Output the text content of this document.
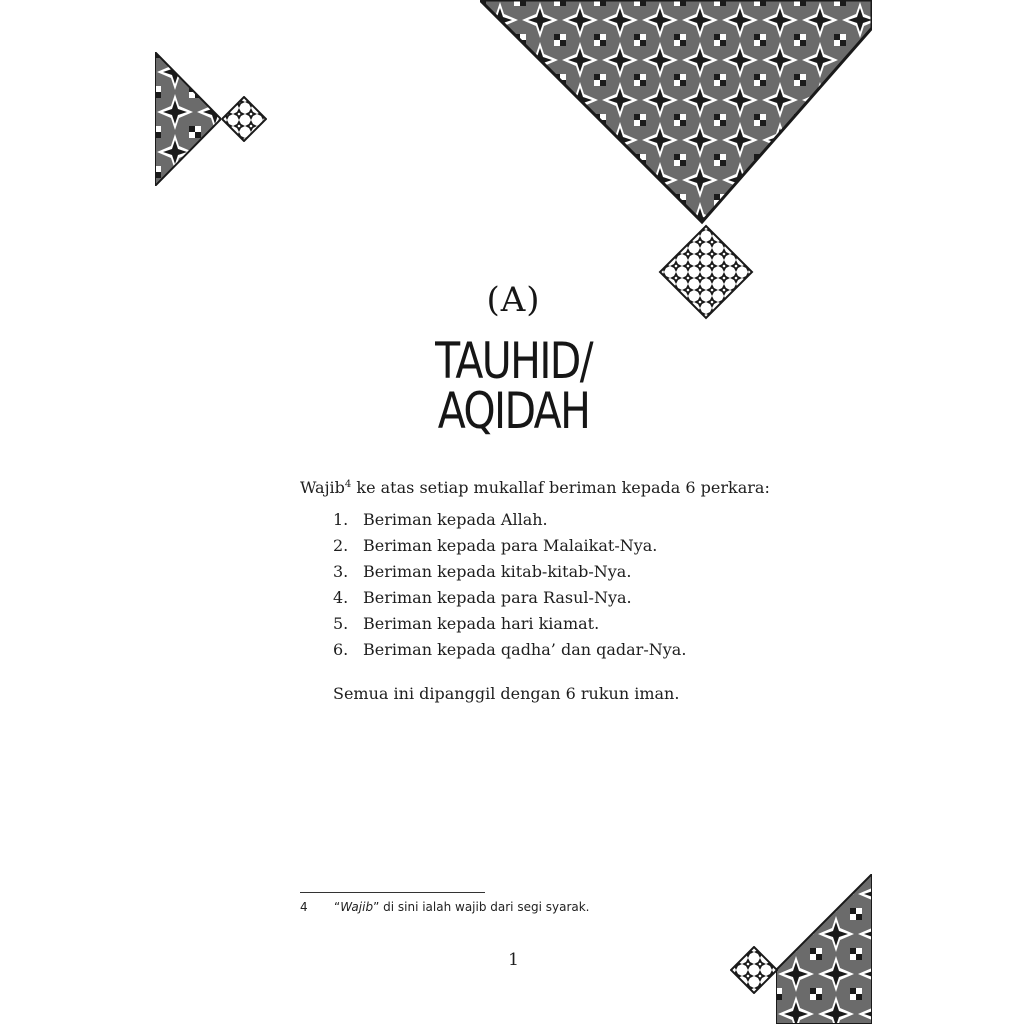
(A)
TAUHID/
AQIDAH
Wajib$^4$ ke atas setiap mukallaf beriman kepada 6 perkara:
1. Beriman kepada Allah.
2. Beriman kepada para Malaikat-Nya.
3. Beriman kepada kitab-kitab-Nya.
4. Beriman kepada para Rasul-Nya.
5. Beriman kepada hari kiamat.
6. Beriman kepada qadha’ dan qadar-Nya.
Semua ini dipanggil dengan 6 rukun iman.
4	“Wajib” di sini ialah wajib dari segi syarak.
1
